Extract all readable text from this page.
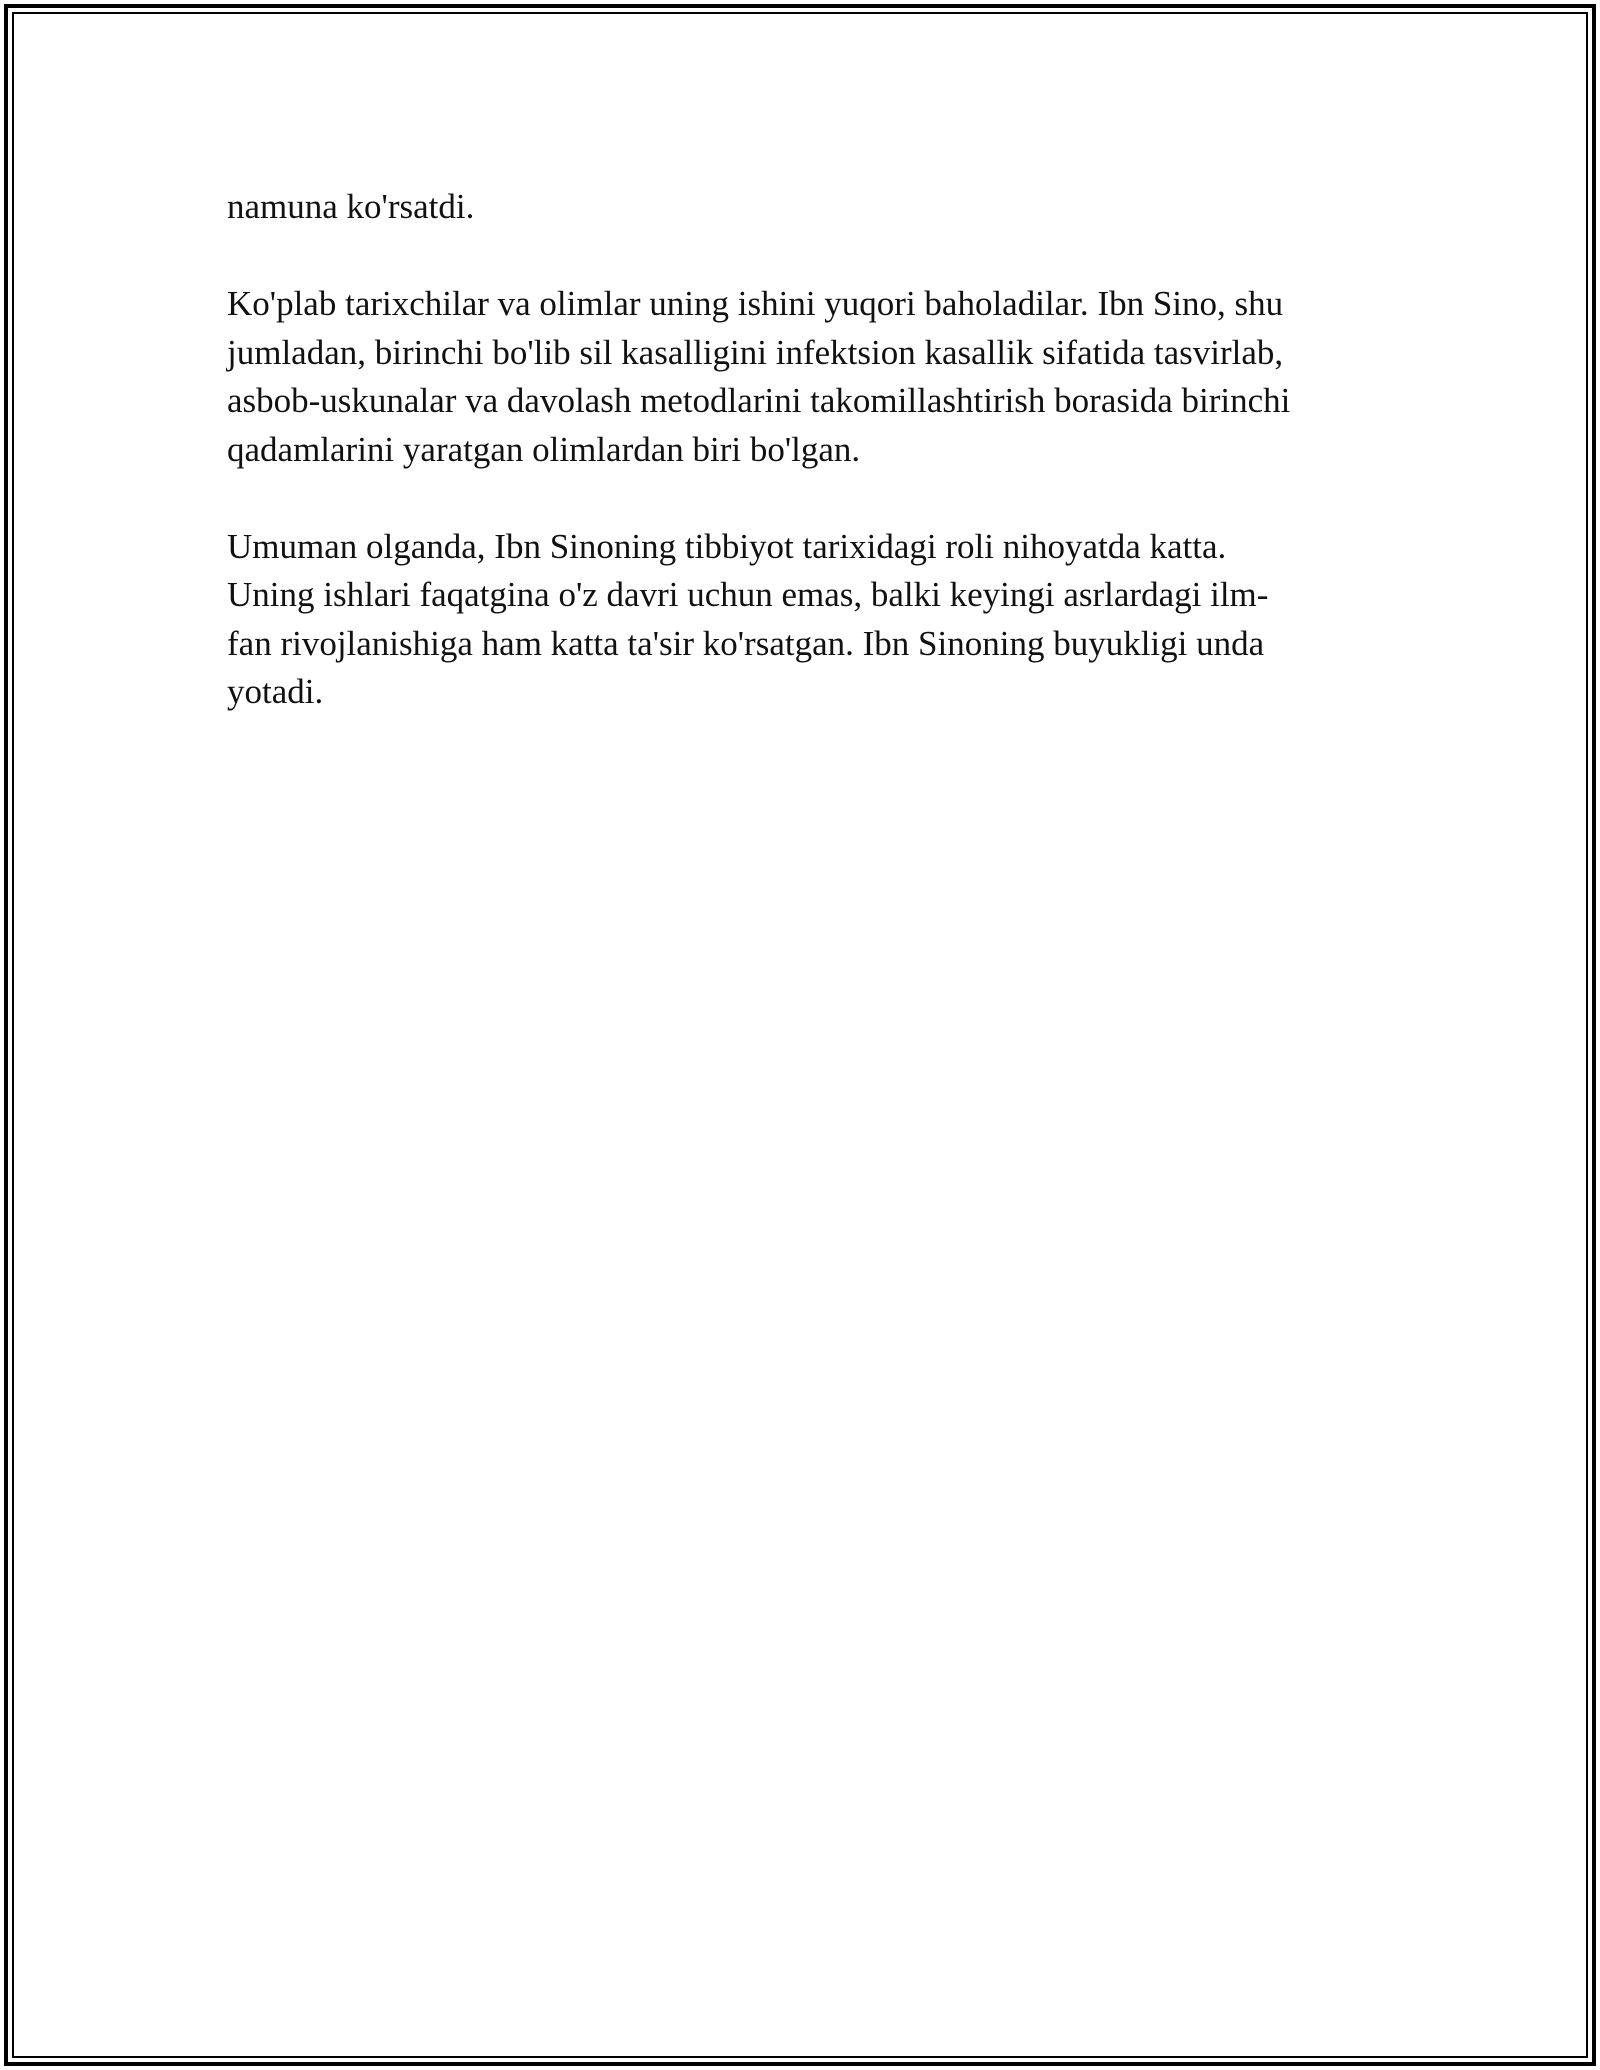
namuna ko'rsatdi.

Ko'plab tarixchilar va olimlar uning ishini yuqori baholadilar. Ibn Sino, shu
jumladan, birinchi bo'lib sil kasalligini infektsion kasallik sifatida tasvirlab,
asbob-uskunalar va davolash metodlarini takomillashtirish borasida birinchi
qadamlarini yaratgan olimlardan biri bo'lgan.

Umuman olganda, Ibn Sinoning tibbiyot tarixidagi roli nihoyatda katta.
Uning ishlari faqatgina o'z davri uchun emas, balki keyingi asrlardagi ilm-
fan rivojlanishiga ham katta ta'sir ko'rsatgan. Ibn Sinoning buyukligi unda
yotadi.
